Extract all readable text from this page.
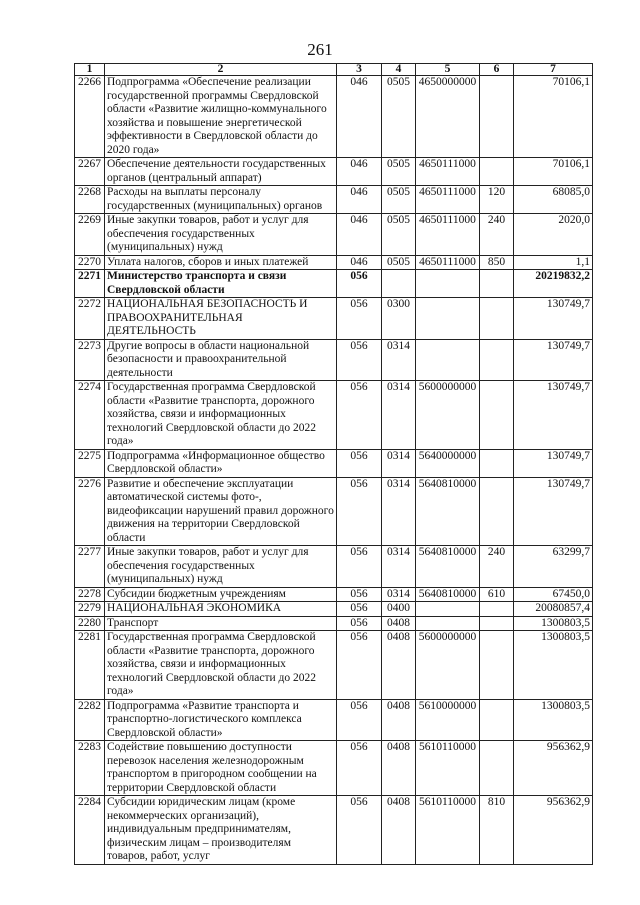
261
1	2	3	4	5	6	7
2266	Подпрограмма «Обеспечение реализации государственной программы Свердловской области «Развитие жилищно-коммунального хозяйства и повышение энергетической эффективности в Свердловской области до 2020 года»	046	0505	4650000000		70106,1
2267	Обеспечение деятельности государственных органов (центральный аппарат)	046	0505	4650111000		70106,1
2268	Расходы на выплаты персоналу государственных (муниципальных) органов	046	0505	4650111000	120	68085,0
2269	Иные закупки товаров, работ и услуг для обеспечения государственных (муниципальных) нужд	046	0505	4650111000	240	2020,0
2270	Уплата налогов, сборов и иных платежей	046	0505	4650111000	850	1,1
2271	Министерство транспорта и связи Свердловской области	056				20219832,2
2272	НАЦИОНАЛЬНАЯ БЕЗОПАСНОСТЬ И ПРАВООХРАНИТЕЛЬНАЯ ДЕЯТЕЛЬНОСТЬ	056	0300			130749,7
2273	Другие вопросы в области национальной безопасности и правоохранительной деятельности	056	0314			130749,7
2274	Государственная программа Свердловской области «Развитие транспорта, дорожного хозяйства, связи и информационных технологий Свердловской области до 2022 года»	056	0314	5600000000		130749,7
2275	Подпрограмма «Информационное общество Свердловской области»	056	0314	5640000000		130749,7
2276	Развитие и обеспечение эксплуатации автоматической системы фото-, видеофиксации нарушений правил дорожного движения на территории Свердловской области	056	0314	5640810000		130749,7
2277	Иные закупки товаров, работ и услуг для обеспечения государственных (муниципальных) нужд	056	0314	5640810000	240	63299,7
2278	Субсидии бюджетным учреждениям	056	0314	5640810000	610	67450,0
2279	НАЦИОНАЛЬНАЯ ЭКОНОМИКА	056	0400			20080857,4
2280	Транспорт	056	0408			1300803,5
2281	Государственная программа Свердловской области «Развитие транспорта, дорожного хозяйства, связи и информационных технологий Свердловской области до 2022 года»	056	0408	5600000000		1300803,5
2282	Подпрограмма «Развитие транспорта и транспортно-логистического комплекса Свердловской области»	056	0408	5610000000		1300803,5
2283	Содействие повышению доступности перевозок населения железнодорожным транспортом в пригородном сообщении на территории Свердловской области	056	0408	5610110000		956362,9
2284	Субсидии юридическим лицам (кроме некоммерческих организаций), индивидуальным предпринимателям, физическим лицам – производителям товаров, работ, услуг	056	0408	5610110000	810	956362,9
